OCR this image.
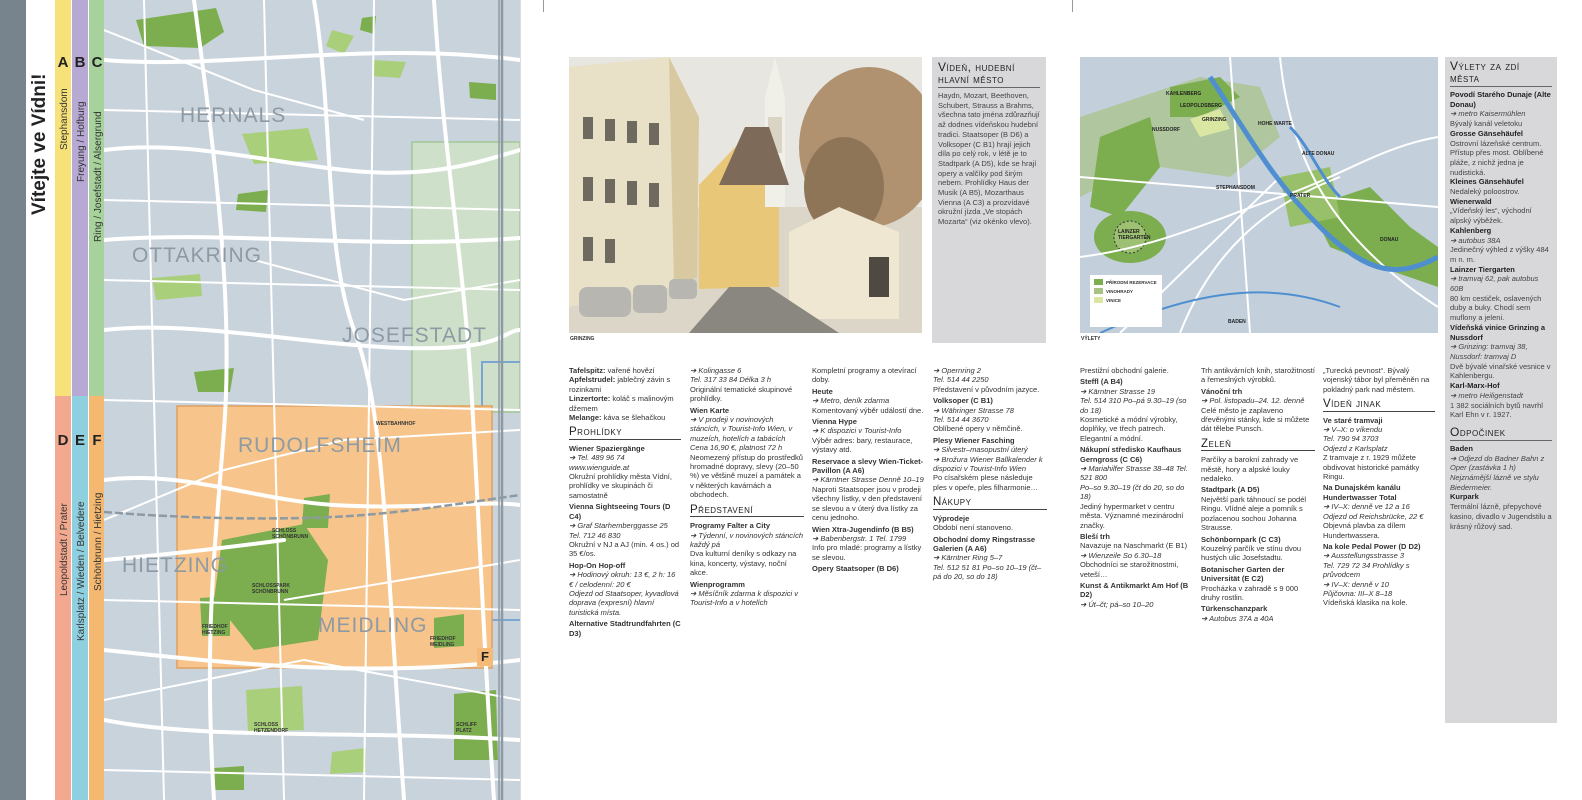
Vítejte ve Vídni! Stephansdom Freyung / Hofburg Ring / Josefstadt / Alsergrund
A B C
Leopoldstadt / Prater Karlsplatz / Wieden / Belvedere Schönbrunn / Hietzing
D E F
HERNALS
OTTAKRING
JOSEFSTADT
RUDOLFSHEIM
HIETZING
MEIDLING
WESTBAHNHOF
SCHLOSS SCHÖNBRUNN
SCHLOSSPARK SCHÖNBRUNN
FRIEDHOF HIETZING
FRIEDHOF MEIDLING
SCHLOSS HETZENDORF
SCHLIFF PLATZ
F
GRINZING
Vídeň, hudební hlavní město
Haydn, Mozart, Beethoven, Schubert, Strauss a Brahms, všechna tato jména zdůrazňují až dodnes vídeňskou hudební tradici. Staatsoper (B D6) a Volksoper (C B1) hrají jejich díla po celý rok, v létě je to Stadtpark (A D5), kde se hrají opery a valčíky pod širým nebem. Prohlídky Haus der Musik (A B5), Mozarthaus Vienna (A C3) a prozvídavé okružní jízda „Ve stopách Mozarta“ (viz okénko vlevo).
Tafelspitz: vařené hovězí
Apfelstrudel: jablečný závin s rozinkami
Linzertorte: koláč s malinovým džemem
Melange: káva se šlehačkou
Prohlídky
Wiener Spaziergänge
➔ Tel. 489 96 74
www.wienguide.at
Okružní prohlídky města Vídní, prohlídky ve skupinách či samostatně
Vienna Sightseeing Tours (D C4)
➔ Graf Starhemberggasse 25 Tel. 712 46 830
Okružní v NJ a AJ (min. 4 os.) od 35 €/os.
Hop-On Hop-off
➔ Hodinový okruh: 13 €, 2 h: 16 € / celodenní: 20 €
Odjezd od Staatsoper, kyvadlová doprava (expresní) hlavní turistická místa.
Alternative Stadtrundfahrten (C D3)
➔ Kolingasse 6
Tel. 317 33 84 Délka 3 h
Originální tematické skupinové prohlídky.
Wien Karte
➔ V prodeji v novinových stáncích, v Tourist-Info Wien, v muzeích, hotelích a tabácích Cena 16,90 €, platnost 72 h
Neomezený přístup do prostředků hromadné dopravy, slevy (20–50 %) ve většině muzeí a památek a v některých kavárnách a obchodech.
Představení
Programy Falter a City
➔ Týdenní, v novinových stáncích každý pá
Dva kulturní deníky s odkazy na kina, koncerty, výstavy, noční akce.
Wienprogramm
➔ Měsíčník zdarma k dispozici v Tourist-Info a v hotelích
Kompletní programy a otevírací doby.
Heute
➔ Metro, deník zdarma
Komentovaný výběr událostí dne.
Vienna Hype
➔ K dispozici v Tourist-Info
Výběr adres: bary, restaurace, výstavy atd.
Reservace a slevy Wien-Ticket-Pavillon (A A6)
➔ Kärntner Strasse Denně 10–19
Naproti Staatsoper jsou v prodeji všechny lístky, v den představení se slevou a v úterý dva lístky za cenu jednoho.
Wien Xtra-Jugendinfo (B B5)
➔ Babenbergstr. 1 Tel. 1799
Info pro mladé: programy a lístky se slevou.
Opery Staatsoper (B D6)
➔ Opernring 2
Tel. 514 44 2250
Představení v původním jazyce.
Volksoper (C B1)
➔ Währinger Strasse 78
Tel. 514 44 3670
Oblíbené opery v němčině.
Plesy Wiener Fasching
➔ Silvestr–masopustní úterý
➔ Brožura Wiener Ballkalender k dispozici v Tourist-Info Wien
Po císařském plese následuje ples v opeře, ples filharmonie…
Nákupy
Výprodeje
Období není stanoveno.
Obchodní domy Ringstrasse Galerien (A A6)
➔ Kärntner Ring 5–7
Tel. 512 51 81 Po–so 10–19 (čt–pá do 20, so do 18)
KAHLENBERG
LEOPOLDSBERG
GRINZING
NUSSDORF
HOHE WARTE
ALTE DONAU
PRATER
STEPHANSDOM
LAINZER TIERGARTEN
BADEN
DONAU
PŘÍRODNÍ REZERVACE
VINOHRADY
VINICE
VÝLETY
Prestižní obchodní galerie.
Steffl (A B4)
➔ Kärntner Strasse 19
Tel. 514 310 Po–pá 9.30–19 (so do 18)
Kosmetické a módní výrobky, doplňky, ve třech patrech. Elegantní a módní.
Nákupní středisko Kaufhaus Gerngross (C C6)
➔ Mariahilfer Strasse 38–48 Tel. 521 800
Po–so 9.30–19 (čt do 20, so do 18)
Jediný hypermarket v centru města. Významné mezinárodní značky.
Bleší trh
Navazuje na Naschmarkt (E B1)
➔ Wienzeile So 6.30–18
Obchodníci se starožitnostmi, veteší…
Kunst & Antikmarkt Am Hof (B D2)
➔ Út–čt; pá–so 10–20
Trh antikvárních knih, starožitností a řemeslných výrobků.
Vánoční trh
➔ Pol. listopadu–24. 12. denně
Celé město je zaplaveno dřevěnými stánky, kde si můžete dát tělebe Punsch.
Zeleň
Parčíky a barokní zahrady ve městě, hory a alpské louky nedaleko.
Stadtpark (A D5)
Největší park táhnoucí se podél Ringu. Vlídné aleje a pomník s pozlacenou sochou Johanna Strausse.
Schönbornpark (C C3)
Kouzelný parčík ve stínu dvou hustých ulic Josefstadtu.
Botanischer Garten der Universität (E C2)
Procházka v zahradě s 9 000 druhy rostlin.
Türkenschanzpark
➔ Autobus 37A a 40A
„Turecká pevnost“. Bývalý vojenský tábor byl přeměněn na pokladný park nad městem.
Vídeň jinak
Ve staré tramvaji
➔ V–X: o víkendu
Tel. 790 94 3703
Odjezd z Karlsplatz
Z tramvaje z r. 1929 můžete obdivovat historické památky Ringu.
Na Dunajském kanálu Hundertwasser Total
➔ IV–X: denně ve 12 a 16 Odjezd od Reichsbrücke, 22 €
Objevná plavba za dílem Hundertwassera.
Na kole Pedal Power (D D2)
➔ Ausstellungsstrasse 3
Tel. 729 72 34 Prohlídky s průvodcem
➔ IV–X: denně v 10
Půjčovna: III–X 8–18
Vídeňská klasika na kole.
Výlety za zdí města
Povodí Starého Dunaje (Alte Donau)
➔ metro Kaisermühlen
Bývalý kanál veletoku
Grosse Gänsehäufel
Ostrovní lázeňské centrum. Přístup přes most. Oblíbené pláže, z nichž jedna je nudistická.
Kleines Gänsehäufel
Nedaleký poloostrov.
Wienerwald
„Vídeňský les“, východní alpský výběžek.
Kahlenberg
➔ autobus 38A
Jedinečný výhled z výšky 484 m n. m.
Lainzer Tiergarten
➔ tramvaj 62, pak autobus 60B
80 km cestiček, oslavených duby a buky. Chodí sem muflony a jeleni.
Vídeňská vinice Grinzing a Nussdorf
➔ Grinzing: tramvaj 38, Nussdorf: tramvaj D
Dvě bývalé vinařské vesnice v Kahlenbergu.
Karl-Marx-Hof
➔ metro Heiligenstadt
1 382 sociálních bytů navrhl Karl Ehn v r. 1927.
Odpočinek
Baden
➔ Odjezd do Badner Bahn z Oper (zastávka 1 h) Nejznámější lázně ve stylu Biedermeier.
Kurpark
Termální lázně, přepychové kasino, divadlo v Jugendstilu a krásný růžový sad.
